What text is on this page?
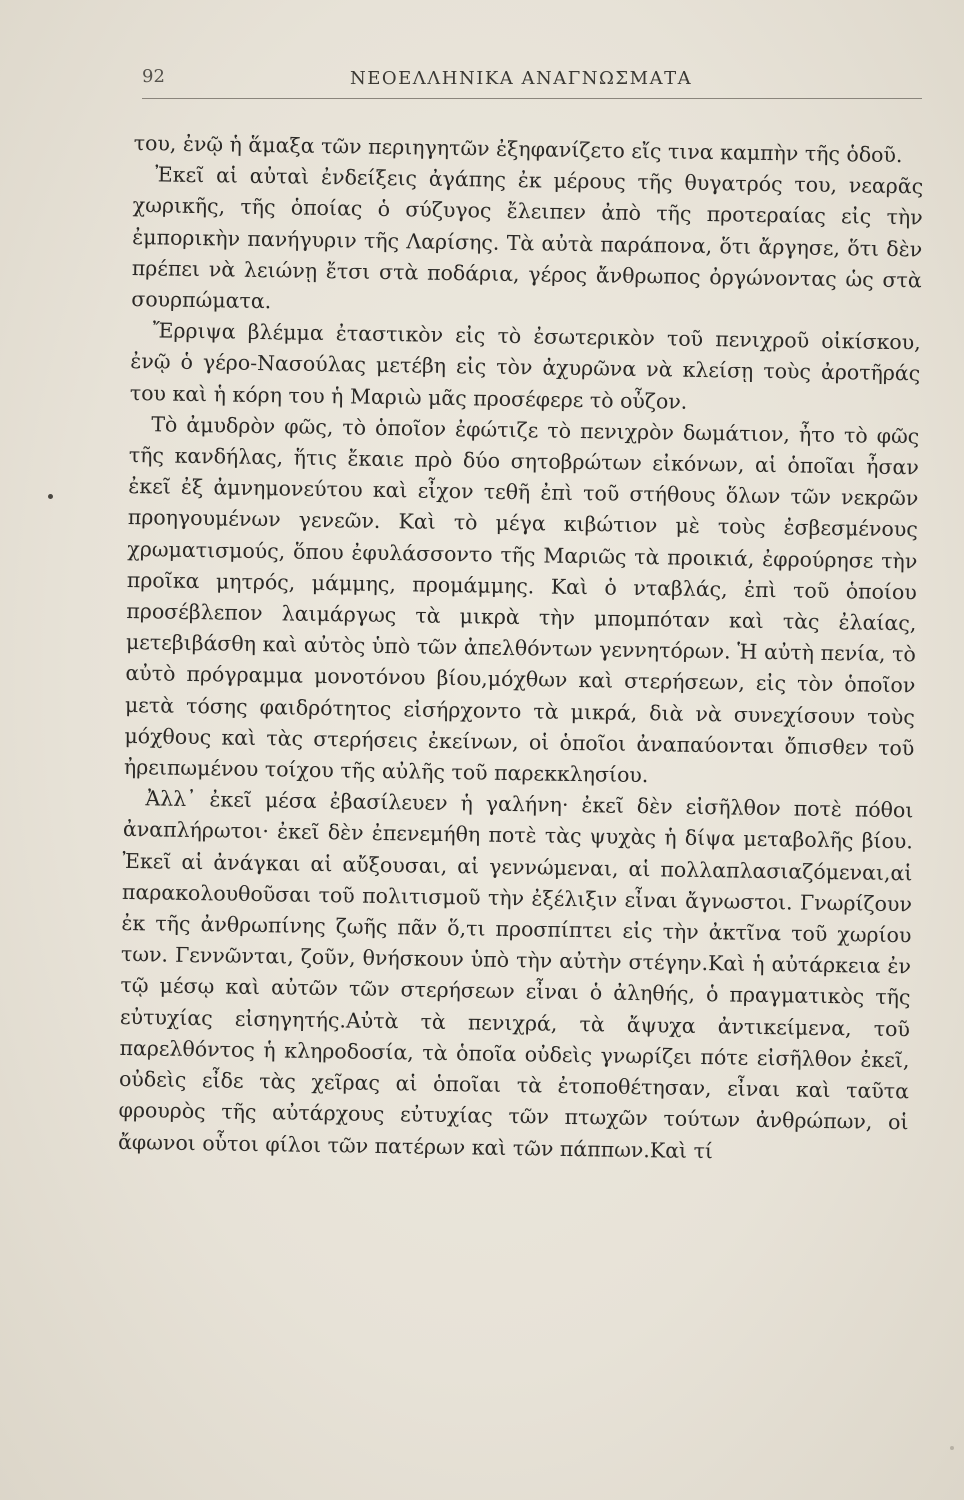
92	ΝΕΟΕΛΛΗΝΙΚΑ ΑΝΑΓΝΩΣΜΑΤΑ

του, ἐνῷ ἡ ἅμαξα τῶν περιηγητῶν ἐξηφανίζετο εἴς τινα καμπὴν τῆς ὁδοῦ.

Ἐκεῖ αἱ αὐταὶ ἐνδείξεις ἀγάπης ἐκ μέρους τῆς θυγατρός του, νεαρᾶς χωρικῆς, τῆς ὁποίας ὁ σύζυγος ἔλειπεν ἀπὸ τῆς προτεραίας εἰς τὴν ἐμπορικὴν πανήγυριν τῆς Λαρίσης. Τὰ αὐτὰ παράπονα, ὅτι ἄργησε, ὅτι δὲν πρέπει νὰ λειώνῃ ἔτσι στὰ ποδάρια, γέρος ἄνθρωπος ὀργώνοντας ὡς στὰ σουρπώματα.

Ἔρριψα βλέμμα ἐταστικὸν εἰς τὸ ἐσωτερικὸν τοῦ πενιχροῦ οἰκίσκου, ἐνῷ ὁ γέρο-Νασούλας μετέβη εἰς τὸν ἀχυρῶνα νὰ κλείσῃ τοὺς ἀροτῆράς του καὶ ἡ κόρη του ἡ Μαριὼ μᾶς προσέφερε τὸ οὖζον.

Τὸ ἀμυδρὸν φῶς, τὸ ὁποῖον ἐφώτιζε τὸ πενιχρὸν δωμάτιον, ἦτο τὸ φῶς τῆς κανδήλας, ἥτις ἔκαιε πρὸ δύο σητοβρώτων εἰκόνων, αἱ ὁποῖαι ἦσαν ἐκεῖ ἐξ ἀμνημονεύτου καὶ εἶχον τεθῆ ἐπὶ τοῦ στήθους ὅλων τῶν νεκρῶν προηγουμένων γενεῶν. Καὶ τὸ μέγα κιβώτιον μὲ τοὺς ἐσβεσμένους χρωματισμούς, ὅπου ἐφυλάσσοντο τῆς Μαριῶς τὰ προικιά, ἐφρούρησε τὴν προῖκα μητρός, μάμμης, προμάμμης. Καὶ ὁ νταβλάς, ἐπὶ τοῦ ὁποίου προσέβλεπον λαιμάργως τὰ μικρὰ τὴν μπομπόταν καὶ τὰς ἐλαίας, μετεβιβάσθη καὶ αὐτὸς ὑπὸ τῶν ἀπελθόντων γεννητόρων. Ἡ αὐτὴ πενία, τὸ αὐτὸ πρόγραμμα μονοτόνου βίου,μόχθων καὶ στερήσεων, εἰς τὸν ὁποῖον μετὰ τόσης φαιδρότητος εἰσήρχοντο τὰ μικρά, διὰ νὰ συνεχίσουν τοὺς μόχθους καὶ τὰς στερήσεις ἐκείνων, οἱ ὁποῖοι ἀναπαύονται ὄπισθεν τοῦ ἠρειπωμένου τοίχου τῆς αὐλῆς τοῦ παρεκκλησίου.

Ἀλλ᾿ ἐκεῖ μέσα ἐβασίλευεν ἡ γαλήνη· ἐκεῖ δὲν εἰσῆλθον ποτὲ πόθοι ἀναπλήρωτοι· ἐκεῖ δὲν ἐπενεμήθη ποτὲ τὰς ψυχὰς ἡ δίψα μεταβολῆς βίου. Ἐκεῖ αἱ ἀνάγκαι αἱ αὔξουσαι, αἱ γεννώμεναι, αἱ πολλαπλασιαζόμεναι,αἱ παρακολουθοῦσαι τοῦ πολιτισμοῦ τὴν ἐξέλιξιν εἶναι ἄγνωστοι. Γνωρίζουν ἐκ τῆς ἀνθρωπίνης ζωῆς πᾶν ὅ,τι προσπίπτει εἰς τὴν ἀκτῖνα τοῦ χωρίου των. Γεννῶνται, ζοῦν, θνήσκουν ὑπὸ τὴν αὐτὴν στέγην.Καὶ ἡ αὐτάρκεια ἐν τῷ μέσῳ καὶ αὐτῶν τῶν στερήσεων εἶναι ὁ ἀληθής, ὁ πραγματικὸς τῆς εὐτυχίας εἰσηγητής.Αὐτὰ τὰ πενιχρά, τὰ ἄψυχα ἀντικείμενα, τοῦ παρελθόντος ἡ κληροδοσία, τὰ ὁποῖα οὐδεὶς γνωρίζει πότε εἰσῆλθον ἐκεῖ, οὐδεὶς εἶδε τὰς χεῖρας αἱ ὁποῖαι τὰ ἐτοποθέτησαν, εἶναι καὶ ταῦτα φρουρὸς τῆς αὐτάρχους εὐτυχίας τῶν πτωχῶν τούτων ἀνθρώπων, οἱ ἄφωνοι οὗτοι φίλοι τῶν πατέρων καὶ τῶν πάππων.Καὶ τί
